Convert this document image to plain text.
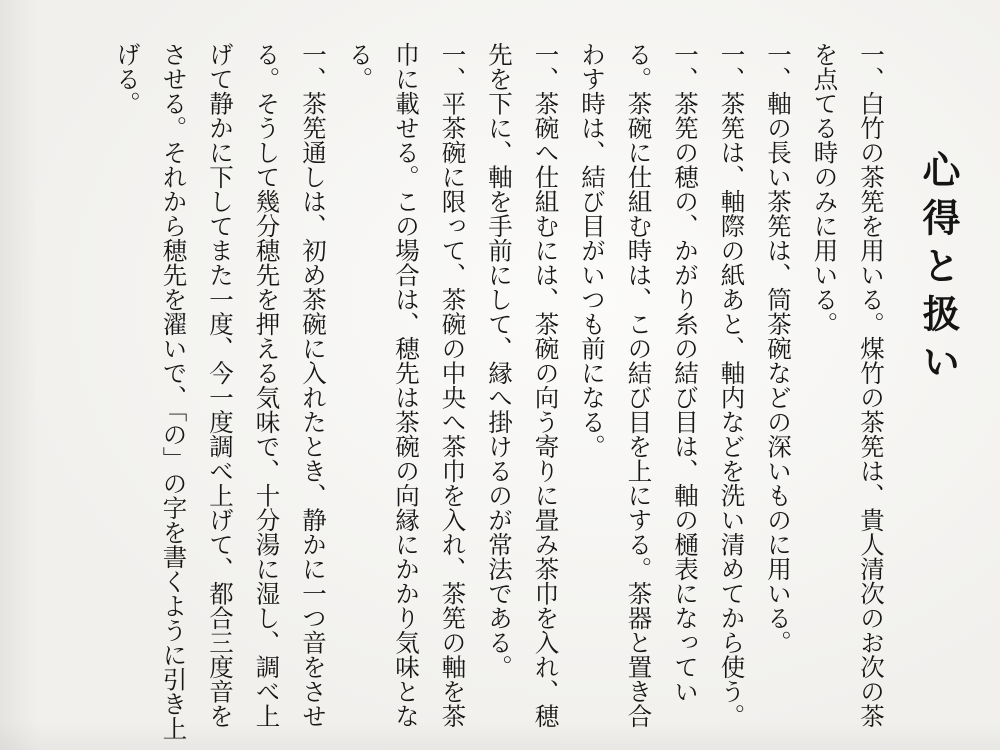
心得と扱い

一、白竹の茶筅を用いる。煤竹の茶筅は、貴人清次のお次の茶を点てる時のみに用いる。

一、軸の長い茶筅は、筒茶碗などの深いものに用いる。

一、茶筅は、軸際の紙あと、軸内などを洗い清めてから使う。

一、茶筅の穂の、かがり糸の結び目は、軸の樋表になっている。茶碗に仕組む時は、この結び目を上にする。茶器と置き合わす時は、結び目がいつも前になる。

一、茶碗へ仕組むには、茶碗の向う寄りに畳み茶巾を入れ、穂先を下に、軸を手前にして、縁へ掛けるのが常法である。

一、平茶碗に限って、茶碗の中央へ茶巾を入れ、茶筅の軸を茶巾に載せる。この場合は、穂先は茶碗の向縁にかかり気味となる。

一、茶筅通しは、初め茶碗に入れたとき、静かに一つ音をさせる。そうして幾分穂先を押える気味で、十分湯に湿し、調べ上げて静かに下してまた一度、今一度調べ上げて、都合三度音をさせる。それから穂先を濯いで、「の」の字を書くように引き上げる。
